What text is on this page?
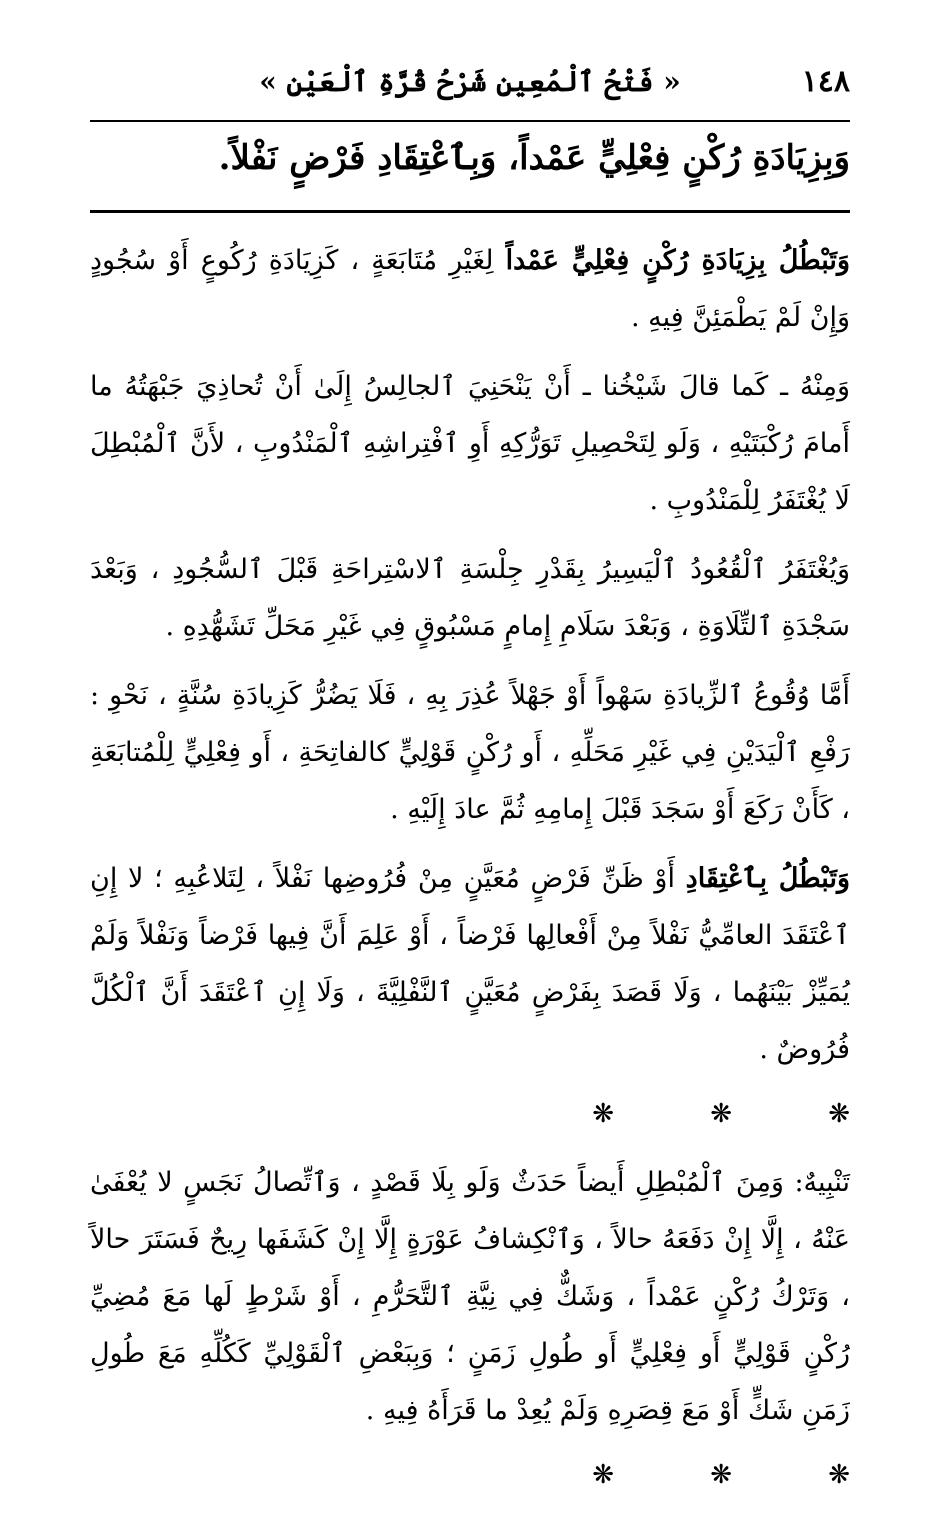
١٤٨
« فَتْحُ ٱلْمُعِينِ شَرْحُ قُرَّةِ ٱلْعَيْنِ »
وَبِزِيَادَةِ رُكْنٍ فِعْلِيٍّ عَمْداً، وَبِٱعْتِقَادِ فَرْضٍ نَفْلاً.

وَتَبْطُلُ بِزِيَادَةِ رُكْنٍ فِعْلِيٍّ عَمْداً لِغَيْرِ مُتَابَعَةٍ ، كَزِيَادَةِ رُكُوعٍ أَوْ سُجُودٍ وَإِنْ لَمْ يَطْمَئِنَّ فِيهِ .

وَمِنْهُ ـ كَما قالَ شَيْخُنا ـ أَنْ يَنْحَنِيَ ٱلجالِسُ إِلَىٰ أَنْ تُحاذِيَ جَبْهَتُهُ ما أَمامَ رُكْبَتَيْهِ ، وَلَو لِتَحْصِيلِ تَوَرُّكِهِ أَوِ ٱفْتِراشِهِ ٱلْمَنْدُوبِ ، لأَنَّ ٱلْمُبْطِلَ لَا يُغْتَفَرُ لِلْمَنْدُوبِ .

وَيُغْتَفَرُ ٱلْقُعُودُ ٱلْيَسِيرُ بِقَدْرِ جِلْسَةِ ٱلاسْتِراحَةِ قَبْلَ ٱلسُّجُودِ ، وَبَعْدَ سَجْدَةِ ٱلتِّلَاوَةِ ، وَبَعْدَ سَلَامِ إِمامٍ مَسْبُوقٍ فِي غَيْرِ مَحَلِّ تَشَهُّدِهِ .

أَمَّا وُقُوعُ ٱلزِّيادَةِ سَهْواً أَوْ جَهْلاً عُذِرَ بِهِ ، فَلَا يَضُرُّ كَزِيادَةِ سُنَّةٍ ، نَحْوِ : رَفْعِ ٱلْيَدَيْنِ فِي غَيْرِ مَحَلِّهِ ، أَو رُكْنٍ قَوْلِيٍّ كالفاتِحَةِ ، أَو فِعْلِيٍّ لِلْمُتابَعَةِ ، كَأَنْ رَكَعَ أَوْ سَجَدَ قَبْلَ إِمامِهِ ثُمَّ عادَ إِلَيْهِ .

وَتَبْطُلُ بِٱعْتِقَادِ أَوْ ظَنِّ فَرْضٍ مُعَيَّنٍ مِنْ فُرُوضِها نَفْلاً ، لِتَلاعُبِهِ ؛ لا إِنِ ٱعْتَقَدَ العامِّيُّ نَفْلاً مِنْ أَفْعالِها فَرْضاً ، أَوْ عَلِمَ أَنَّ فِيها فَرْضاً وَنَفْلاً وَلَمْ يُمَيِّزْ بَيْنَهُما ، وَلَا قَصَدَ بِفَرْضٍ مُعَيَّنٍ ٱلنَّفْلِيَّةَ ، وَلَا إِنِ ٱعْتَقَدَ أَنَّ ٱلْكُلَّ فُرُوضٌ .

❋	❋	❋

تَنْبِيهٌ: وَمِنَ ٱلْمُبْطِلِ أَيضاً حَدَثٌ وَلَو بِلَا قَصْدٍ ، وَٱتِّصالُ نَجَسٍ لا يُعْفَىٰ عَنْهُ ، إِلَّا إِنْ دَفَعَهُ حالاً ، وَٱنْكِشافُ عَوْرَةٍ إِلَّا إِنْ كَشَفَها رِيحٌ فَسَتَرَ حالاً ، وَتَرْكُ رُكْنٍ عَمْداً ، وَشَكٌّ فِي نِيَّةِ ٱلتَّحَرُّمِ ، أَوْ شَرْطٍ لَها مَعَ مُضِيِّ رُكْنٍ قَوْلِيٍّ أَو فِعْلِيٍّ أَو طُولِ زَمَنٍ ؛ وَبِبَعْضِ ٱلْقَوْلِيِّ كَكُلِّهِ مَعَ طُولِ زَمَنِ شَكٍّ أَوْ مَعَ قِصَرِهِ وَلَمْ يُعِدْ ما قَرَأَهُ فِيهِ .

❋	❋	❋
